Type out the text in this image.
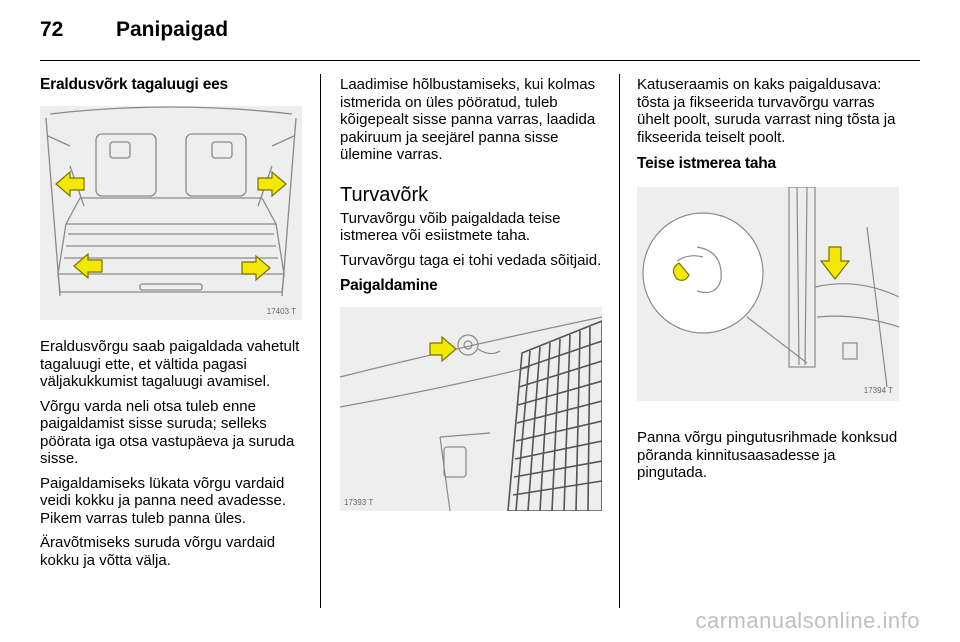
72	Panipaigad
Eraldusvõrk tagaluugi ees
17403 T

Eraldusvõrgu saab paigaldada vahetult tagaluugi ette, et vältida pagasi väljakukkumist tagaluugi avamisel.

Võrgu varda neli otsa tuleb enne paigaldamist sisse suruda; selleks pöörata iga otsa vastupäeva ja suruda sisse.

Paigaldamiseks lükata võrgu vardaid veidi kokku ja panna need avadesse. Pikem varras tuleb panna üles.

Äravõtmiseks suruda võrgu vardaid kokku ja võtta välja.

Laadimise hõlbustamiseks, kui kolmas istmerida on üles pööratud, tuleb kõigepealt sisse panna varras, laadida pakiruum ja seejärel panna sisse ülemine varras.

Turvavõrk

Turvavõrgu võib paigaldada teise istmerea või esiistmete taha.

Turvavõrgu taga ei tohi vedada sõitjaid.

Paigaldamine
17393 T

Katuseraamis on kaks paigaldusava: tõsta ja fikseerida turvavõrgu varras ühelt poolt, suruda varrast ning tõsta ja fikseerida teiselt poolt.

Teise istmerea taha
17394 T

Panna võrgu pingutusrihmade konksud põranda kinnitusaasadesse ja pingutada.

carmanualsonline.info
